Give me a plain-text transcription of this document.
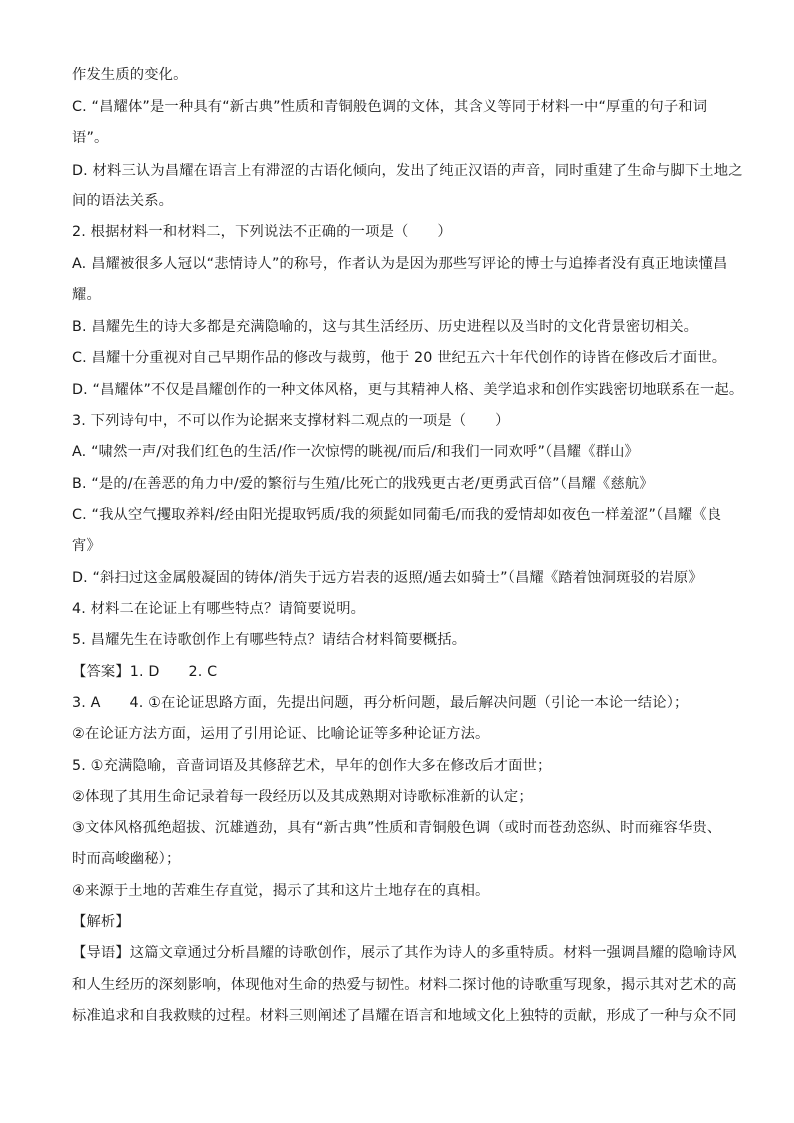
作发生质的变化。
C. “昌耀体”是一种具有“新古典”性质和青铜般色调的文体，其含义等同于材料一中“厚重的句子和词
语”。
D. 材料三认为昌耀在语言上有滞涩的古语化倾向，发出了纯正汉语的声音，同时重建了生命与脚下土地之
间的语法关系。
2. 根据材料一和材料二，下列说法不正确的一项是（　　）
A. 昌耀被很多人冠以“悲情诗人”的称号，作者认为是因为那些写评论的博士与追捧者没有真正地读懂昌
耀。
B. 昌耀先生的诗大多都是充满隐喻的，这与其生活经历、历史进程以及当时的文化背景密切相关。
C. 昌耀十分重视对自己早期作品的修改与裁剪，他于 20 世纪五六十年代创作的诗皆在修改后才面世。
D. “昌耀体”不仅是昌耀创作的一种文体风格，更与其精神人格、美学追求和创作实践密切地联系在一起。
3. 下列诗句中，不可以作为论据来支撑材料二观点的一项是（　　）
A. “啸然一声/对我们红色的生活/作一次惊愕的眺视/而后/和我们一同欢呼”（昌耀《群山》
B. “是的/在善恶的角力中/爱的繁衍与生殖/比死亡的戕残更古老/更勇武百倍”（昌耀《慈航》
C. “我从空气攫取养料/经由阳光提取钙质/我的须髭如同葡毛/而我的爱情却如夜色一样羞涩”（昌耀《良
宵》
D. “斜扫过这金属般凝固的铸体/消失于远方岩表的返照/遁去如骑士”（昌耀《踏着蚀洞斑驳的岩原》
4. 材料二在论证上有哪些特点？请简要说明。
5. 昌耀先生在诗歌创作上有哪些特点？请结合材料简要概括。
【答案】1. D　　2. C
3. A　　4. ①在论证思路方面，先提出问题，再分析问题，最后解决问题（引论一本论一结论）；
②在论证方法方面，运用了引用论证、比喻论证等多种论证方法。
5. ①充满隐喻，音啬词语及其修辞艺术，早年的创作大多在修改后才面世；
②体现了其用生命记录着每一段经历以及其成熟期对诗歌标准新的认定；
③文体风格孤绝超拔、沉雄遒劲，具有“新古典”性质和青铜般色调（或时而苍劲恣纵、时而雍容华贵、
时而高峻幽秘）；
④来源于土地的苦难生存直觉，揭示了其和这片土地存在的真相。
【解析】
【导语】这篇文章通过分析昌耀的诗歌创作，展示了其作为诗人的多重特质。材料一强调昌耀的隐喻诗风
和人生经历的深刻影响，体现他对生命的热爱与韧性。材料二探讨他的诗歌重写现象，揭示其对艺术的高
标准追求和自我救赎的过程。材料三则阐述了昌耀在语言和地域文化上独特的贡献，形成了一种与众不同
